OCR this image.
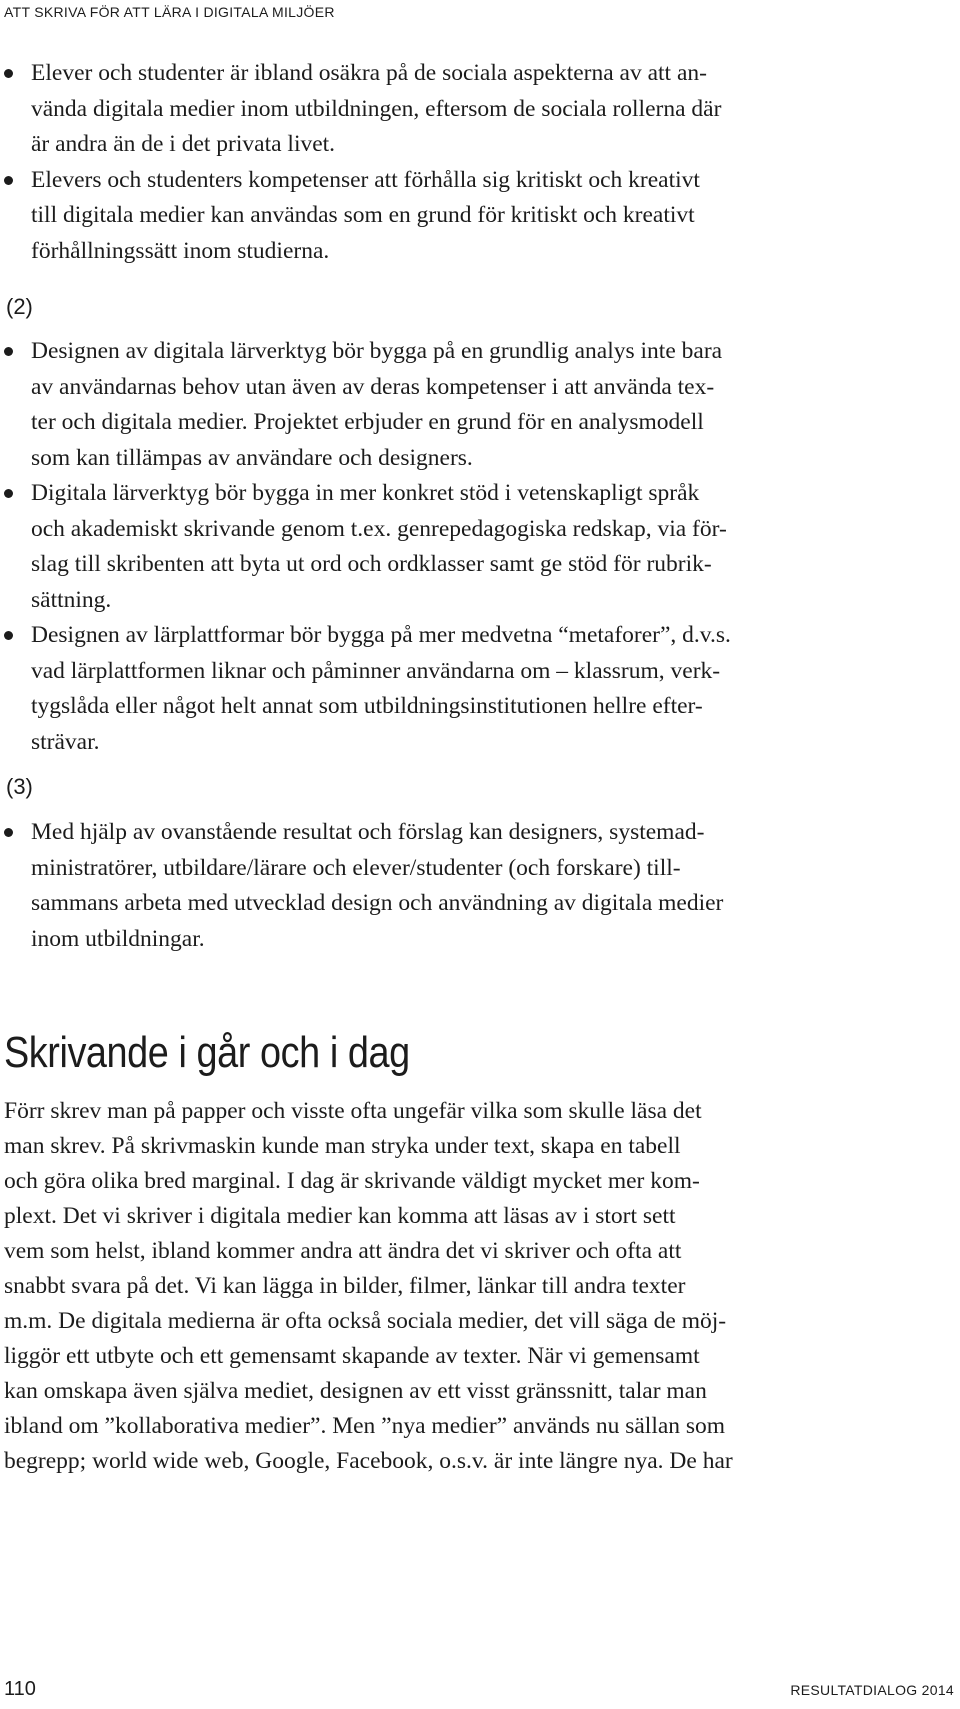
ATT SKRIVA FÖR ATT LÄRA I DIGITALA MILJÖER
Elever och studenter är ibland osäkra på de sociala aspekterna av att an-
vända digitala medier inom utbildningen, eftersom de sociala rollerna där
är andra än de i det privata livet.
Elevers och studenters kompetenser att förhålla sig kritiskt och kreativt
till digitala medier kan användas som en grund för kritiskt och kreativt
förhållningssätt inom studierna.
(2)
Designen av digitala lärverktyg bör bygga på en grundlig analys inte bara
av användarnas behov utan även av deras kompetenser i att använda tex-
ter och digitala medier. Projektet erbjuder en grund för en analysmodell
som kan tillämpas av användare och designers.
Digitala lärverktyg bör bygga in mer konkret stöd i vetenskapligt språk
och akademiskt skrivande genom t.ex. genrepedagogiska redskap, via för-
slag till skribenten att byta ut ord och ordklasser samt ge stöd för rubrik-
sättning.
Designen av lärplattformar bör bygga på mer medvetna “metaforer”, d.v.s.
vad lärplattformen liknar och påminner användarna om – klassrum, verk-
tygslåda eller något helt annat som utbildningsinstitutionen hellre efter-
strävar.
(3)
Med hjälp av ovanstående resultat och förslag kan designers, systemad-
ministratörer, utbildare/lärare och elever/studenter (och forskare) till-
sammans arbeta med utvecklad design och användning av digitala medier
inom utbildningar.
Skrivande i går och i dag
Förr skrev man på papper och visste ofta ungefär vilka som skulle läsa det
man skrev. På skrivmaskin kunde man stryka under text, skapa en tabell
och göra olika bred marginal. I dag är skrivande väldigt mycket mer kom-
plext. Det vi skriver i digitala medier kan komma att läsas av i stort sett
vem som helst, ibland kommer andra att ändra det vi skriver och ofta att
snabbt svara på det. Vi kan lägga in bilder, filmer, länkar till andra texter
m.m. De digitala medierna är ofta också sociala medier, det vill säga de möj-
liggör ett utbyte och ett gemensamt skapande av texter. När vi gemensamt
kan omskapa även själva mediet, designen av ett visst gränssnitt, talar man
ibland om ”kollaborativa medier”. Men ”nya medier” används nu sällan som
begrepp; world wide web, Google, Facebook, o.s.v. är inte längre nya. De har
110	RESULTATDIALOG 2014
